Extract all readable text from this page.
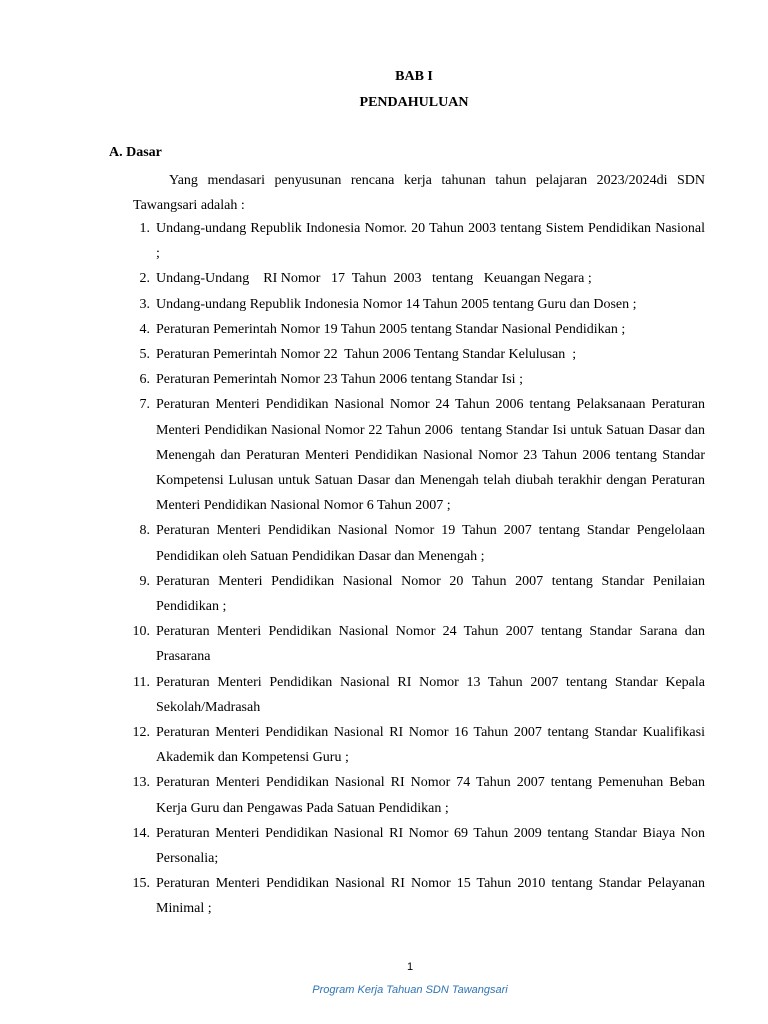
BAB I
PENDAHULUAN
A. Dasar
Yang mendasari penyusunan rencana kerja tahunan tahun pelajaran 2023/2024di SDN Tawangsari adalah :
1. Undang-undang Republik Indonesia Nomor. 20 Tahun 2003 tentang Sistem Pendidikan Nasional ;
2. Undang-Undang    RI Nomor   17  Tahun  2003   tentang   Keuangan Negara ;
3. Undang-undang Republik Indonesia Nomor 14 Tahun 2005 tentang Guru dan Dosen ;
4. Peraturan Pemerintah Nomor 19 Tahun 2005 tentang Standar Nasional Pendidikan ;
5. Peraturan Pemerintah Nomor 22  Tahun 2006 Tentang Standar Kelulusan  ;
6. Peraturan Pemerintah Nomor 23 Tahun 2006 tentang Standar Isi ;
7. Peraturan Menteri Pendidikan Nasional Nomor 24 Tahun 2006 tentang Pelaksanaan Peraturan Menteri Pendidikan Nasional Nomor 22 Tahun 2006  tentang Standar Isi untuk Satuan Dasar dan Menengah dan Peraturan Menteri Pendidikan Nasional Nomor 23 Tahun 2006 tentang Standar Kompetensi Lulusan untuk Satuan Dasar dan Menengah telah diubah terakhir dengan Peraturan Menteri Pendidikan Nasional Nomor 6 Tahun 2007 ;
8. Peraturan Menteri Pendidikan Nasional Nomor 19 Tahun 2007 tentang Standar Pengelolaan Pendidikan oleh Satuan Pendidikan Dasar dan Menengah ;
9. Peraturan Menteri Pendidikan Nasional Nomor 20 Tahun 2007 tentang Standar Penilaian Pendidikan ;
10. Peraturan Menteri Pendidikan Nasional Nomor 24 Tahun 2007 tentang Standar Sarana dan Prasarana
11. Peraturan Menteri Pendidikan Nasional RI Nomor 13 Tahun 2007 tentang Standar Kepala Sekolah/Madrasah
12. Peraturan Menteri Pendidikan Nasional RI Nomor 16 Tahun 2007 tentang Standar Kualifikasi Akademik dan Kompetensi Guru ;
13. Peraturan Menteri Pendidikan Nasional RI Nomor 74 Tahun 2007 tentang Pemenuhan Beban Kerja Guru dan Pengawas Pada Satuan Pendidikan ;
14. Peraturan Menteri Pendidikan Nasional RI Nomor 69 Tahun 2009 tentang Standar Biaya Non Personalia;
15. Peraturan Menteri Pendidikan Nasional RI Nomor 15 Tahun 2010 tentang Standar Pelayanan Minimal ;
1
Program Kerja Tahuan SDN Tawangsari
